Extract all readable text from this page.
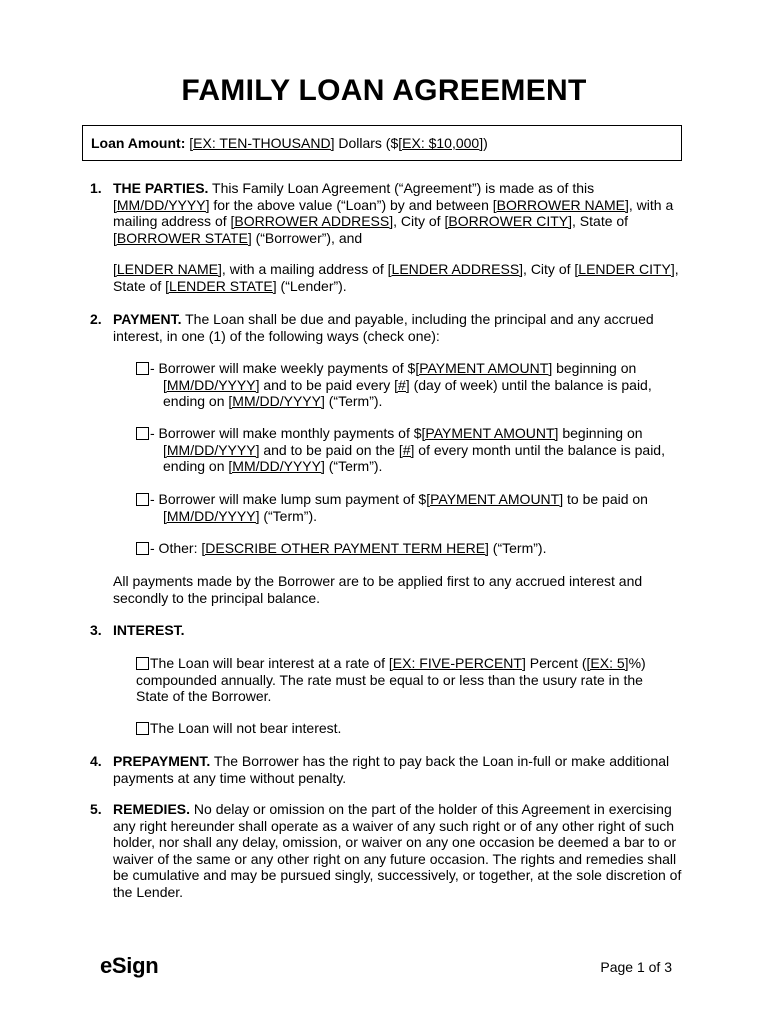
FAMILY LOAN AGREEMENT
Loan Amount: [EX: TEN-THOUSAND] Dollars ($[EX: $10,000])
1. THE PARTIES. This Family Loan Agreement (“Agreement”) is made as of this [MM/DD/YYYY] for the above value (“Loan”) by and between [BORROWER NAME], with a mailing address of [BORROWER ADDRESS], City of [BORROWER CITY], State of [BORROWER STATE] (“Borrower”), and
[LENDER NAME], with a mailing address of [LENDER ADDRESS], City of [LENDER CITY], State of [LENDER STATE] (“Lender”).
2. PAYMENT. The Loan shall be due and payable, including the principal and any accrued interest, in one (1) of the following ways (check one):
- Borrower will make weekly payments of $[PAYMENT AMOUNT] beginning on
[MM/DD/YYYY] and to be paid every [#] (day of week) until the balance is paid,
ending on [MM/DD/YYYY] (“Term”).
- Borrower will make monthly payments of $[PAYMENT AMOUNT] beginning on
[MM/DD/YYYY] and to be paid on the [#] of every month until the balance is paid,
ending on [MM/DD/YYYY] (“Term”).
- Borrower will make lump sum payment of $[PAYMENT AMOUNT] to be paid on
[MM/DD/YYYY] (“Term”).
- Other: [DESCRIBE OTHER PAYMENT TERM HERE] (“Term”).
All payments made by the Borrower are to be applied first to any accrued interest and secondly to the principal balance.
3. INTEREST.
The Loan will bear interest at a rate of [EX: FIVE-PERCENT] Percent ([EX: 5]%)
compounded annually. The rate must be equal to or less than the usury rate in the State of the Borrower.
The Loan will not bear interest.
4. PREPAYMENT. The Borrower has the right to pay back the Loan in-full or make additional payments at any time without penalty.
5. REMEDIES. No delay or omission on the part of the holder of this Agreement in exercising any right hereunder shall operate as a waiver of any such right or of any other right of such holder, nor shall any delay, omission, or waiver on any one occasion be deemed a bar to or waiver of the same or any other right on any future occasion. The rights and remedies shall be cumulative and may be pursued singly, successively, or together, at the sole discretion of the Lender.
eSign	Page 1 of 3
